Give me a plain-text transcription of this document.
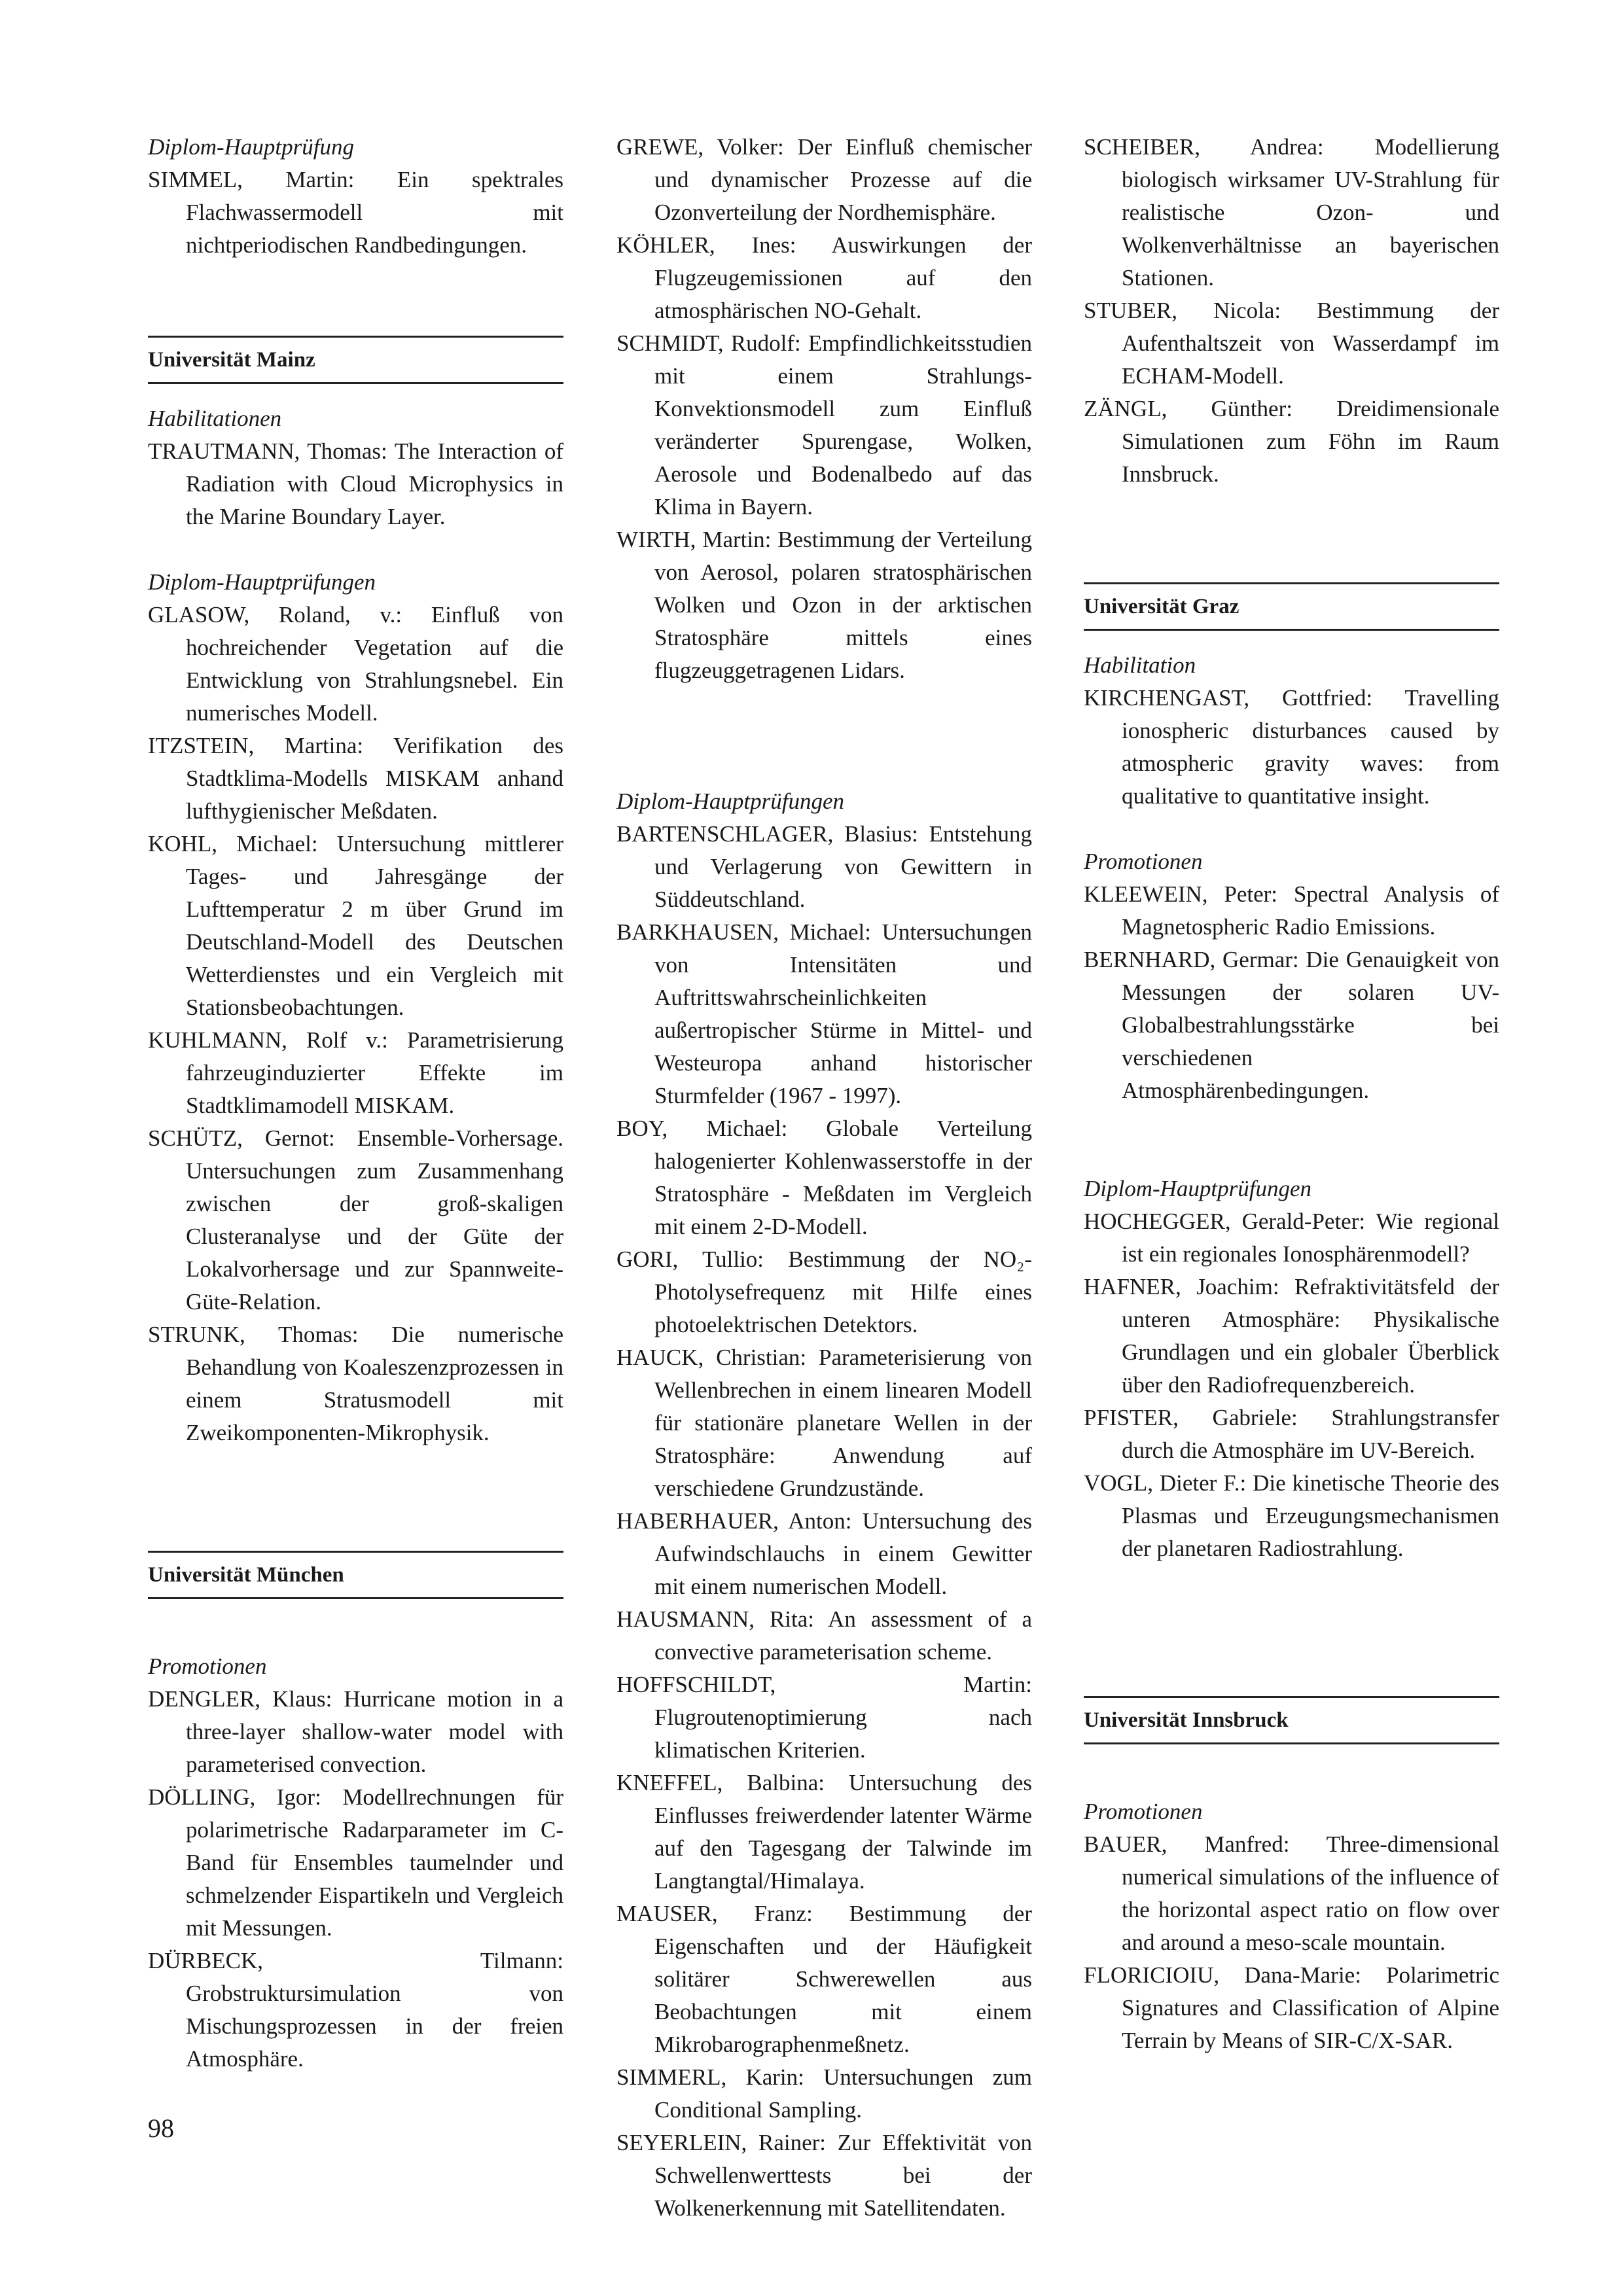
Diplom-Hauptprüfung

SIMMEL, Martin: Ein spektrales Flachwassermodell mit nichtperiodischen Randbedingungen.

Universität Mainz

Habilitationen

TRAUTMANN, Thomas: The Interaction of Radiation with Cloud Microphysics in the Marine Boundary Layer.

Diplom-Hauptprüfungen

GLASOW, Roland, v.: Einfluß von hochreichender Vegetation auf die Entwicklung von Strahlungsnebel. Ein numerisches Modell.

ITZSTEIN, Martina: Verifikation des Stadtklima-Modells MISKAM anhand lufthygienischer Meßdaten.

KOHL, Michael: Untersuchung mittlerer Tages- und Jahresgänge der Lufttemperatur 2 m über Grund im Deutschland-Modell des Deutschen Wetterdienstes und ein Vergleich mit Stationsbeobachtungen.

KUHLMANN, Rolf v.: Parametrisierung fahrzeuginduzierter Effekte im Stadtklimamodell MISKAM.

SCHÜTZ, Gernot: Ensemble-Vorhersage. Untersuchungen zum Zusammenhang zwischen der groß-skaligen Clusteranalyse und der Güte der Lokalvorhersage und zur Spannweite-Güte-Relation.

STRUNK, Thomas: Die numerische Behandlung von Koaleszenzprozessen in einem Stratusmodell mit Zweikomponenten-Mikrophysik.

Universität München

Promotionen

DENGLER, Klaus: Hurricane motion in a three-layer shallow-water model with parameterised convection.

DÖLLING, Igor: Modellrechnungen für polarimetrische Radarparameter im C-Band für Ensembles taumelnder und schmelzender Eispartikeln und Vergleich mit Messungen.

DÜRBECK, Tilmann: Grobstruktursimulation von Mischungsprozessen in der freien Atmosphäre.

GREWE, Volker: Der Einfluß chemischer und dynamischer Prozesse auf die Ozonverteilung der Nordhemisphäre.

KÖHLER, Ines: Auswirkungen der Flugzeugemissionen auf den atmosphärischen NO-Gehalt.

SCHMIDT, Rudolf: Empfindlichkeitsstudien mit einem Strahlungs-Konvektionsmodell zum Einfluß veränderter Spurengase, Wolken, Aerosole und Bodenalbedo auf das Klima in Bayern.

WIRTH, Martin: Bestimmung der Verteilung von Aerosol, polaren stratosphärischen Wolken und Ozon in der arktischen Stratosphäre mittels eines flugzeuggetragenen Lidars.

Diplom-Hauptprüfungen

BARTENSCHLAGER, Blasius: Entstehung und Verlagerung von Gewittern in Süddeutschland.

BARKHAUSEN, Michael: Untersuchungen von Intensitäten und Auftrittswahrscheinlichkeiten außertropischer Stürme in Mittel- und Westeuropa anhand historischer Sturmfelder (1967 - 1997).

BOY, Michael: Globale Verteilung halogenierter Kohlenwasserstoffe in der Stratosphäre - Meßdaten im Vergleich mit einem 2-D-Modell.

GORI, Tullio: Bestimmung der NO₂-Photolysefrequenz mit Hilfe eines photoelektrischen Detektors.

HAUCK, Christian: Parameterisierung von Wellenbrechen in einem linearen Modell für stationäre planetare Wellen in der Stratosphäre: Anwendung auf verschiedene Grundzustände.

HABERHAUER, Anton: Untersuchung des Aufwindschlauchs in einem Gewitter mit einem numerischen Modell.

HAUSMANN, Rita: An assessment of a convective parameterisation scheme.

HOFFSCHILDT, Martin: Flugroutenoptimierung nach klimatischen Kriterien.

KNEFFEL, Balbina: Untersuchung des Einflusses freiwerdender latenter Wärme auf den Tagesgang der Talwinde im Langtangtal/Himalaya.

MAUSER, Franz: Bestimmung der Eigenschaften und der Häufigkeit solitärer Schwerewellen aus Beobachtungen mit einem Mikrobarographenmeßnetz.

SIMMERL, Karin: Untersuchungen zum Conditional Sampling.

SEYERLEIN, Rainer: Zur Effektivität von Schwellenwerttests bei der Wolkenerkennung mit Satellitendaten.

SCHEIBER, Andrea: Modellierung biologisch wirksamer UV-Strahlung für realistische Ozon- und Wolkenverhältnisse an bayerischen Stationen.

STUBER, Nicola: Bestimmung der Aufenthaltszeit von Wasserdampf im ECHAM-Modell.

ZÄNGL, Günther: Dreidimensionale Simulationen zum Föhn im Raum Innsbruck.

Universität Graz

Habilitation

KIRCHENGAST, Gottfried: Travelling ionospheric disturbances caused by atmospheric gravity waves: from qualitative to quantitative insight.

Promotionen

KLEEWEIN, Peter: Spectral Analysis of Magnetospheric Radio Emissions.

BERNHARD, Germar: Die Genauigkeit von Messungen der solaren UV-Globalbestrahlungsstärke bei verschiedenen Atmosphärenbedingungen.

Diplom-Hauptprüfungen

HOCHEGGER, Gerald-Peter: Wie regional ist ein regionales Ionosphärenmodell?

HAFNER, Joachim: Refraktivitätsfeld der unteren Atmosphäre: Physikalische Grundlagen und ein globaler Überblick über den Radiofrequenzbereich.

PFISTER, Gabriele: Strahlungstransfer durch die Atmosphäre im UV-Bereich.

VOGL, Dieter F.: Die kinetische Theorie des Plasmas und Erzeugungsmechanismen der planetaren Radiostrahlung.

Universität Innsbruck

Promotionen

BAUER, Manfred: Three-dimensional numerical simulations of the influence of the horizontal aspect ratio on flow over and around a meso-scale mountain.

FLORICIOIU, Dana-Marie: Polarimetric Signatures and Classification of Alpine Terrain by Means of SIR-C/X-SAR.

98
